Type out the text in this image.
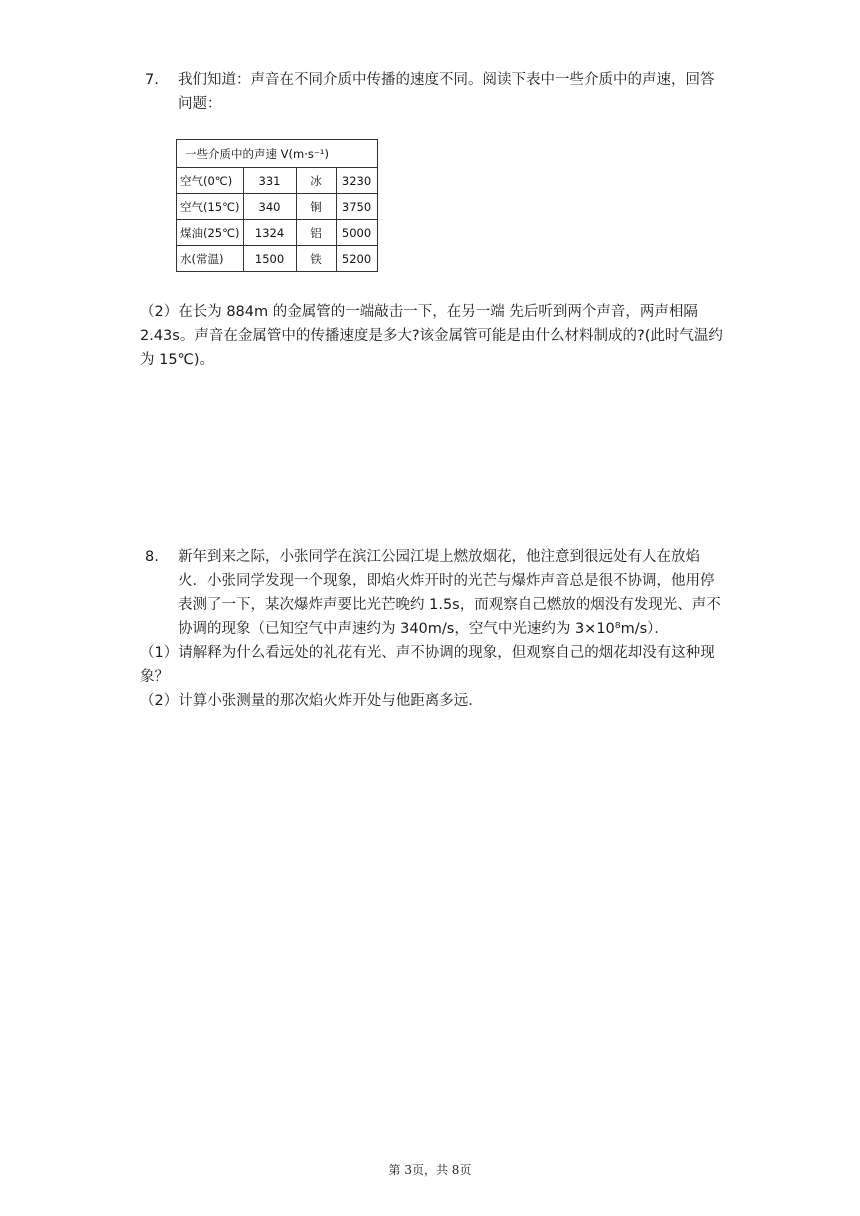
7. 我们知道：声音在不同介质中传播的速度不同。阅读下表中一些介质中的声速，回答问题：

一些介质中的声速 V(m·s⁻¹)			
空气(0℃)	331	冰	3230
空气(15℃)	340	铜	3750
煤油(25℃)	1324	铝	5000
水(常温)	1500	铁	5200

（2）在长为 884m 的金属管的一端敲击一下，在另一端 先后听到两个声音，两声相隔 2.43s。声音在金属管中的传播速度是多大?该金属管可能是由什么材料制成的?(此时气温约为 15℃)。

8. 新年到来之际，小张同学在滨江公园江堤上燃放烟花，他注意到很远处有人在放焰火．小张同学发现一个现象，即焰火炸开时的光芒与爆炸声音总是很不协调，他用停表测了一下，某次爆炸声要比光芒晚约 1.5s，而观察自己燃放的烟没有发现光、声不协调的现象（已知空气中声速约为 340m/s，空气中光速约为 3×10⁸m/s）．

（1）请解释为什么看远处的礼花有光、声不协调的现象，但观察自己的烟花却没有这种现象？

（2）计算小张测量的那次焰火炸开处与他距离多远．

第 3页，共 8页
